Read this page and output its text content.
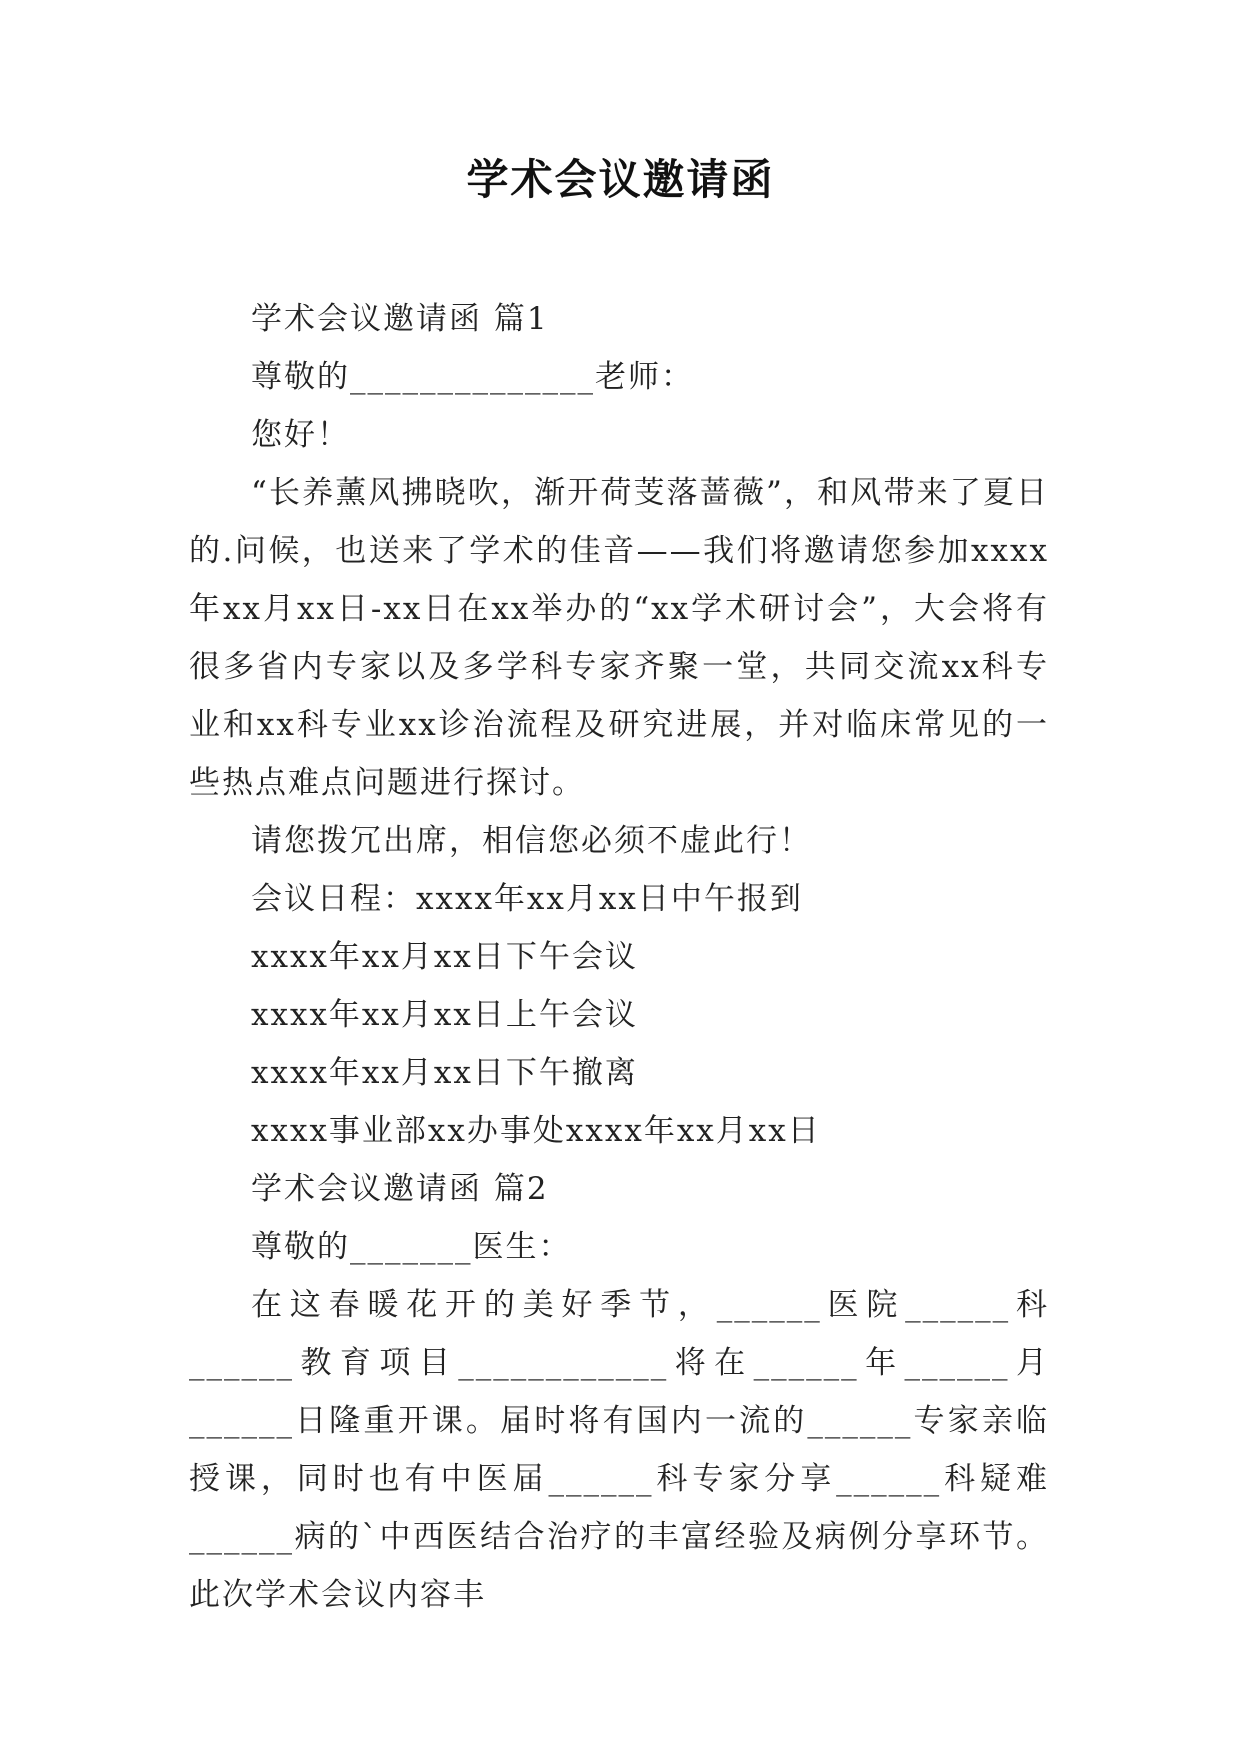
学术会议邀请函

学术会议邀请函 篇1

尊敬的______________老师：

您好！

“长养薰风拂晓吹，渐开荷芰落蔷薇”，和风带来了夏日的.问候，也送来了学术的佳音——我们将邀请您参加xxxx年xx月xx日-xx日在xx举办的“xx学术研讨会”，大会将有很多省内专家以及多学科专家齐聚一堂，共同交流xx科专业和xx科专业xx诊治流程及研究进展，并对临床常见的一些热点难点问题进行探讨。

请您拨冗出席，相信您必须不虚此行！

会议日程：xxxx年xx月xx日中午报到

xxxx年xx月xx日下午会议

xxxx年xx月xx日上午会议

xxxx年xx月xx日下午撤离

xxxx事业部xx办事处xxxx年xx月xx日

学术会议邀请函 篇2

尊敬的_______医生：

在这春暖花开的美好季节，______医院______科______教育项目____________将在______年______月______日隆重开课。届时将有国内一流的______专家亲临授课，同时也有中医届______科专家分享______科疑难______病的`中西医结合治疗的丰富经验及病例分享环节。此次学术会议内容丰
